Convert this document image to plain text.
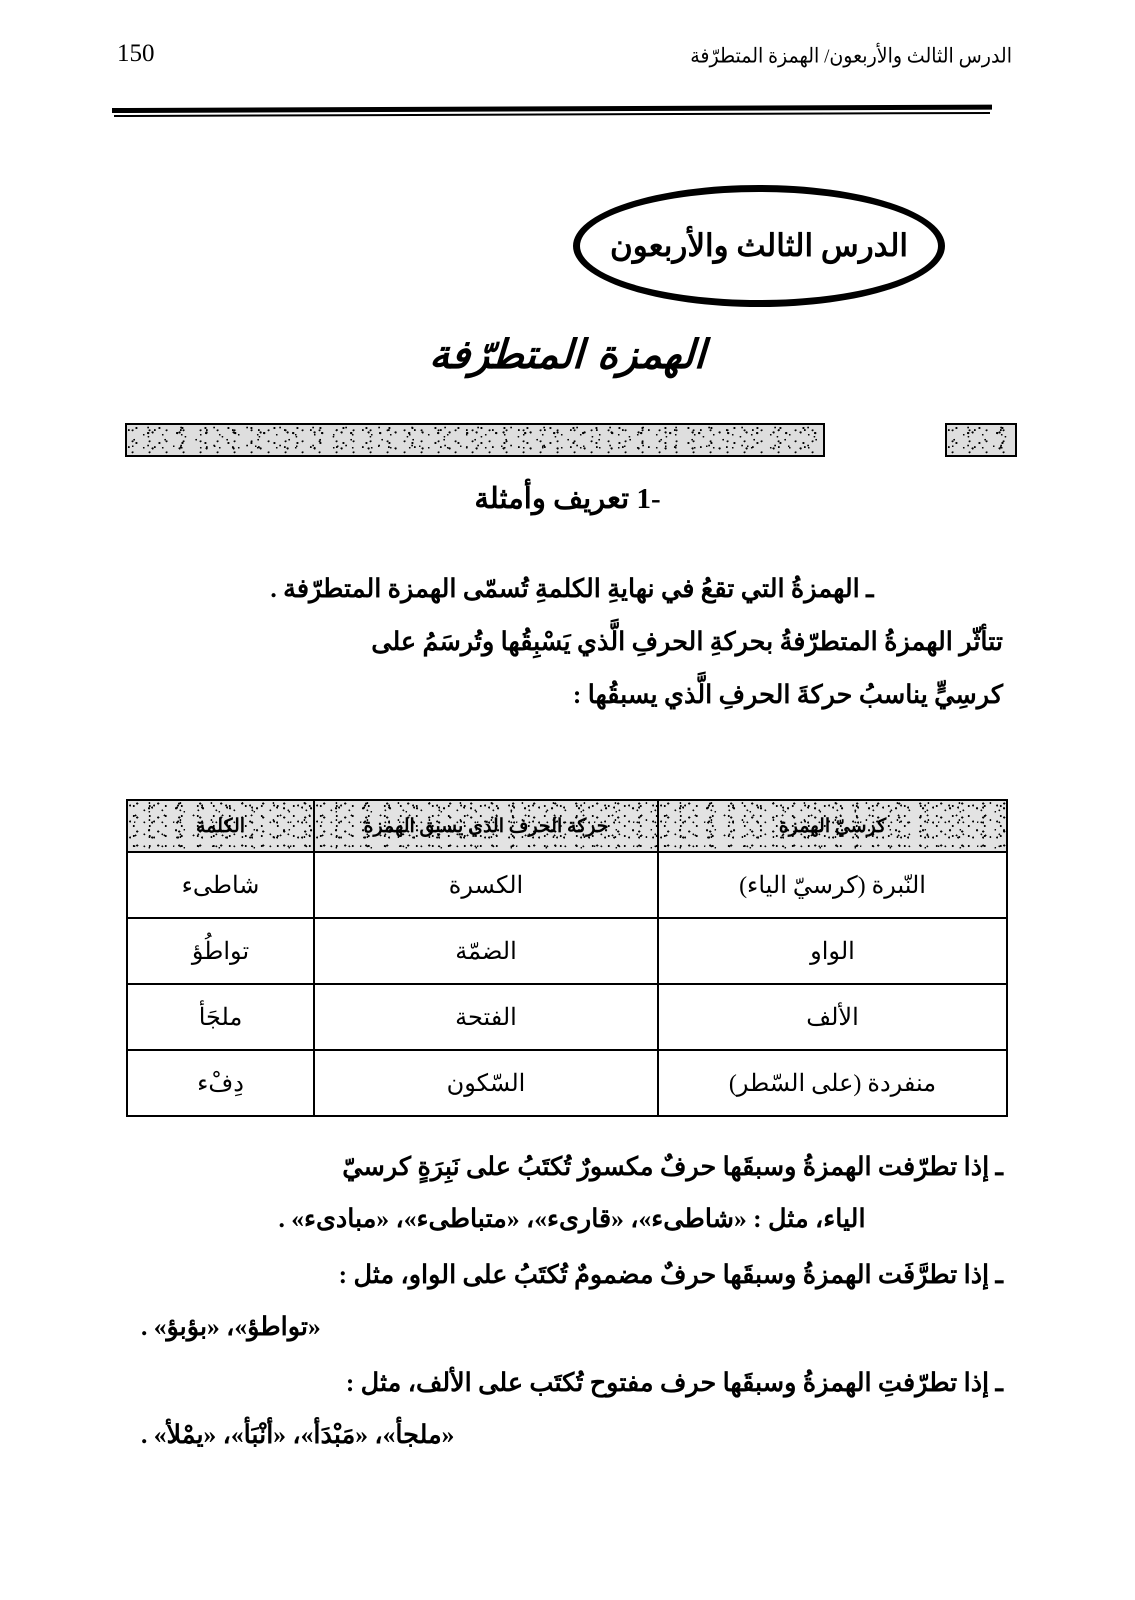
الدرس الثالث والأربعون/ الهمزة المتطرّفة
150
الدرس الثالث والأربعون
الهمزة المتطرّفة
1- تعريف وأمثلة
ـ الهمزةُ التي تقعُ في نهايةِ الكلمةِ تُسمّى الهمزة المتطرّفة .
تتأثّر الهمزةُ المتطرّفةُ بحركةِ الحرفِ الَّذي يَسْبِقُها وتُرسَمُ على
كرسِيٍّ يناسبُ حركةَ الحرفِ الَّذي يسبقُها :
كرسيّ الهمزة	حركة الحرف الذي يسبق الهمزة	الكلمة
النّبرة (كرسيّ الياء)	الكسرة	شاطىء
الواو	الضمّة	تواطُؤ
الألف	الفتحة	ملجَأ
منفردة (على السّطر)	السّكون	دِفْء
ـ إذا تطرّفت الهمزةُ وسبقَها حرفٌ مكسورٌ تُكتَبُ على نَبِرَةٍ كرسيّ
الياء، مثل : «شاطىء»، «قارىء»، «متباطىء»، «مبادىء» .
ـ إذا تطرَّفَت الهمزةُ وسبقَها حرفٌ مضمومٌ تُكتَبُ على الواو، مثل :
«تواطؤ»، «بؤبؤ» .
ـ إذا تطرّفتِ الهمزةُ وسبقَها حرف مفتوح تُكتَب على الألف، مثل :
«ملجأ»، «مَبْدَأ»، «أنْبَأ»، «يمْلأ» .
